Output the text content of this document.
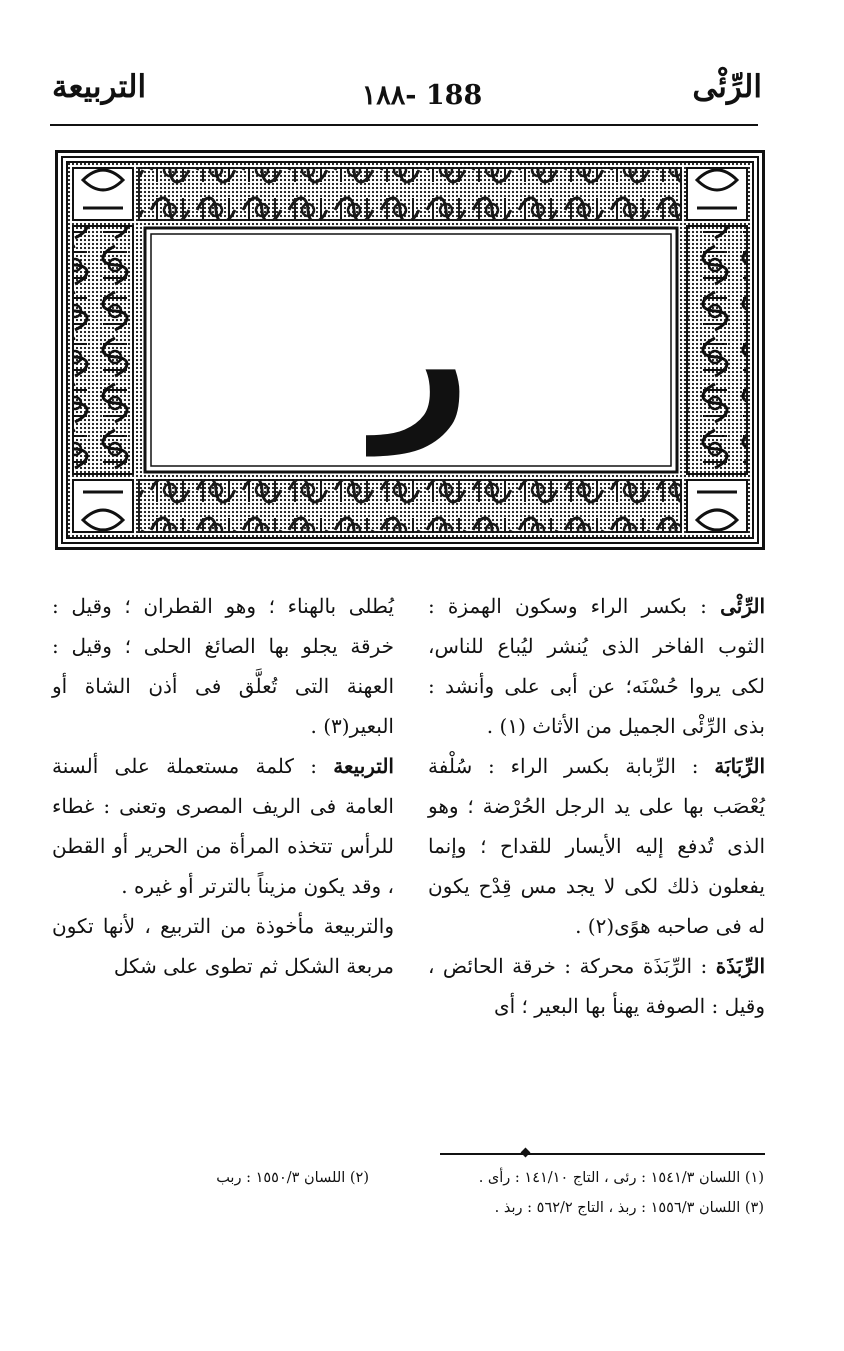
الرِّئْى
١٨٨- 188
التربيعة
ر

الرِّئْى : بكسر الراء وسكون الهمزة : الثوب الفاخر الذى يُنشر ليُباع للناس، لكى يروا حُسْنَه؛ عن أبى على وأنشد : بذى الرِّئْى الجميل من الأثاث (١) .

الرِّبَابَة : الرِّبابة بكسر الراء : سُلْفة يُعْصَب بها على يد الرجل الحُرْضة ؛ وهو الذى تُدفع إليه الأيسار للقداح ؛ وإنما يفعلون ذلك لكى لا يجد مس قِدْح يكون له فى صاحبه هوًى(٢) .

الرِّبَذَة : الرِّبَذَة محركة : خرقة الحائض ، وقيل : الصوفة يهنأ بها البعير ؛ أى

يُطلى بالهناء ؛ وهو القطران ؛ وقيل : خرقة يجلو بها الصائغ الحلى ؛ وقيل : العهنة التى تُعلَّق فى أذن الشاة أو البعير(٣) .

التربيعة : كلمة مستعملة على ألسنة العامة فى الريف المصرى وتعنى : غطاء للرأس تتخذه المرأة من الحرير أو القطن ، وقد يكون مزيناً بالترتر أو غيره .

والتربيعة مأخوذة من التربيع ، لأنها تكون مربعة الشكل ثم تطوى على شكل

(١) اللسان ١٥٤١/٣ : رئى ، التاج ١٤١/١٠ : رأى .
(٣) اللسان ١٥٥٦/٣ : ربذ ، التاج ٥٦٢/٢ : ربذ .
(٢) اللسان ١٥٥٠/٣ : ربب
